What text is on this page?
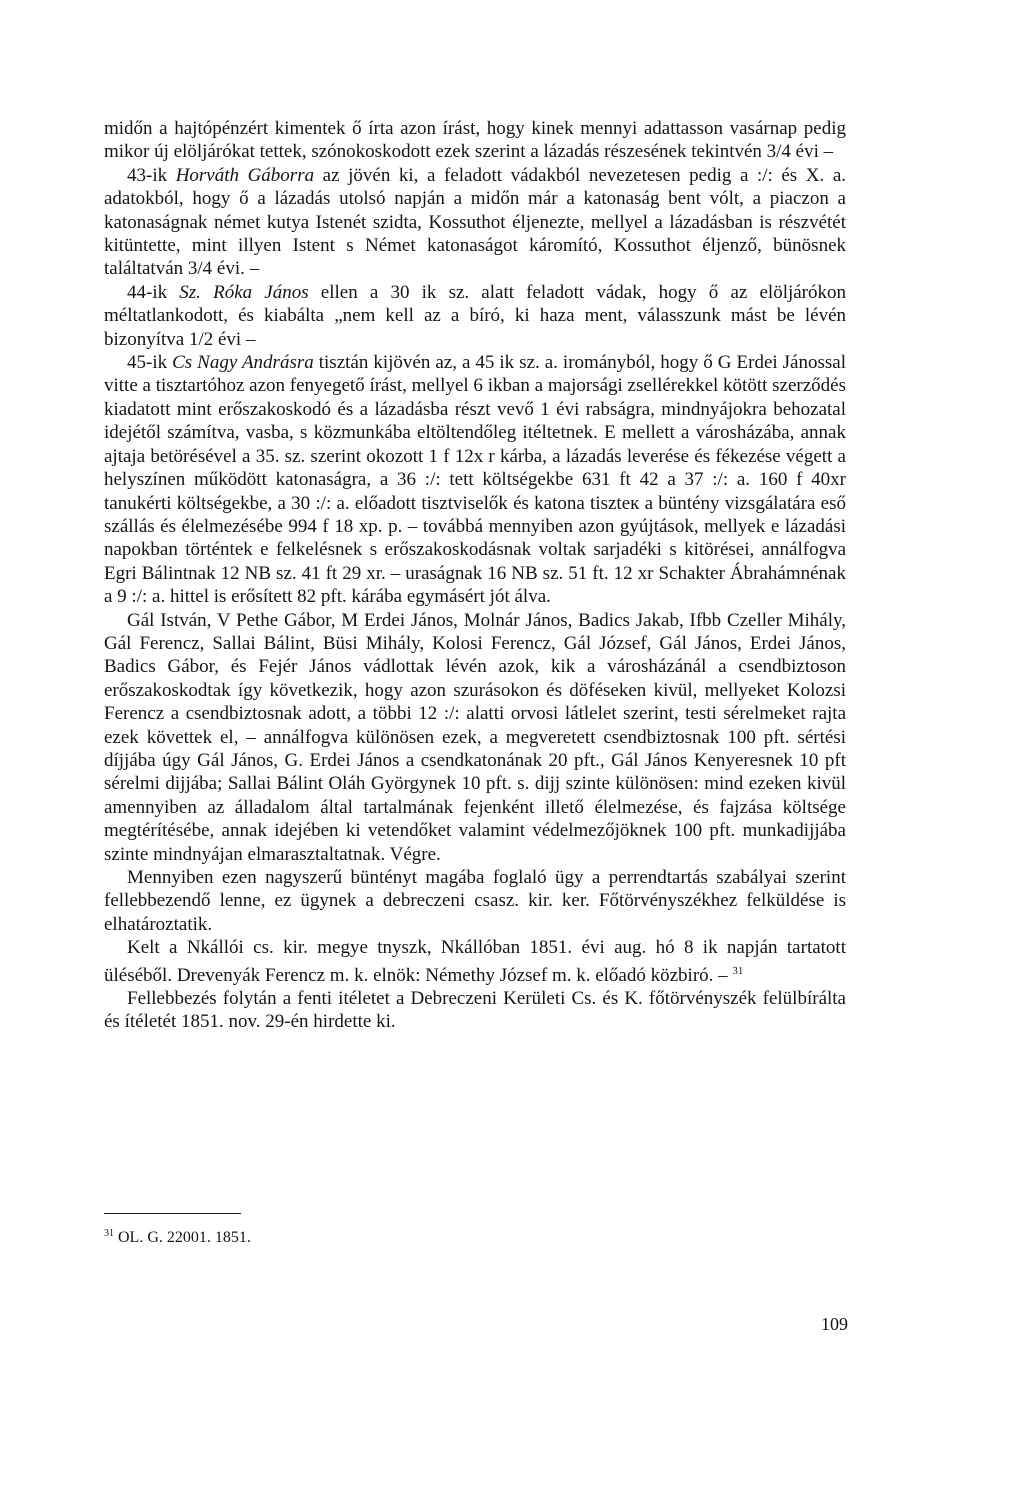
midőn a hajtópénzért kimentek ő írta azon írást, hogy kinek mennyi adattasson vasárnap pedig mikor új elöljárókat tettek, szónokoskodott ezek szerint a lázadás részesének tekintvén 3/4 évi –

43-ik Horváth Gáborra az jövén ki, a feladott vádakból nevezetesen pedig a :/: és X. a. adatokból, hogy ő a lázadás utolsó napján a midőn már a katonaság bent vólt, a piaczon a katonaságnak német kutya Istenét szidta, Kossuthot éljenezte, mellyel a lázadásban is részvétét kitüntette, mint illyen Istent s Német katonaságot káromító, Kossuthot éljenző, bünösnek találtatván 3/4 évi. –

44-ik Sz. Róka János ellen a 30 ik sz. alatt feladott vádak, hogy ő az elöljárókon méltatlankodott, és kiabálta „nem kell az a bíró, ki haza ment, válasszunk mást be lévén bizonyítva 1/2 évi –

45-ik Cs Nagy Andrásra tisztán kijövén az, a 45 ik sz. a. irományból, hogy ő G Erdei Jánossal vitte a tisztartóhoz azon fenyegető írást, mellyel 6 ikban a majorsági zsellérekkel kötött szerződés kiadatott mint erőszakoskodó és a lázadásba részt vevő 1 évi rabságra, mindnyájokra behozatal idejétől számítva, vasba, s közmunkába eltöltendőleg itéltetnek. E mellett a városházába, annak ajtaja betörésével a 35. sz. szerint okozott 1 f 12x r kárba, a lázadás leverése és fékezése végett a helyszínen működött katonaságra, a 36 :/: tett költségekbe 631 ft 42 a 37 :/: a. 160 f 40xr tanukérti költségekbe, a 30 :/: a. előadott tisztviselők és katona tiszteк a büntény vizsgálatára eső szállás és élelmezésébe 994 f 18 xp. p. – továbbá mennyiben azon gyújtások, mellyek e lázadási napokban történtek e felkelésnek s erőszakoskodásnak voltak sarjadéki s kitörései, annálfogva Egri Bálintnak 12 NB sz. 41 ft 29 xr. – uraságnak 16 NB sz. 51 ft. 12 xr Schakter Ábrahámnénak a 9 :/: a. hittel is erősített 82 pft. kárába egymásért jót álva.

Gál István, V Pethe Gábor, M Erdei János, Molnár János, Badics Jakab, Ifbb Czeller Mihály, Gál Ferencz, Sallai Bálint, Büsi Mihály, Kolosi Ferencz, Gál József, Gál János, Erdei János, Badics Gábor, és Fejér János vádlottak lévén azok, kik a városházánál a csendbiztoson erőszakoskodtak így következik, hogy azon szurásokon és döféseken kivül, mellyeket Kolozsi Ferencz a csendbiztosnak adott, a többi 12 :/: alatti orvosi látlelet szerint, testi sérelmeket rajta ezek követtek el, – annálfogva különösen ezek, a megveretett csendbiztosnak 100 pft. sértési díjjába úgy Gál János, G. Erdei János a csendkatonának 20 pft., Gál János Kenyeresnek 10 pft sérelmi dijjába; Sallai Bálint Oláh Györgynek 10 pft. s. dijj szinte különösen: mind ezeken kivül amennyiben az álladalom által tartalmának fejenként illető élelmezése, és fajzása költsége megtérítésébe, annak idejében ki vetendőket valamint védelmezőjöknek 100 pft. munkadijjába szinte mindnyájan elmarasztaltatnak. Végre.

Mennyiben ezen nagyszerű büntényt magába foglaló ügy a perrendtartás szabályai szerint fellebbezendő lenne, ez ügynek a debreczeni csasz. kir. ker. Főtörvényszékhez felküldése is elhatároztatik.

Kelt a Nkállói cs. kir. megye tnyszk, Nkállóban 1851. évi aug. hó 8 ik napján tartatott üléséből. Drevenyák Ferencz m. k. elnök: Némethy József m. k. előadó közbiró. – $^{31}$

Fellebbezés folytán a fenti itéletet a Debreczeni Kerületi Cs. és K. főtörvényszék felülbírálta és ítéletét 1851. nov. 29-én hirdette ki.

$^{31}$ OL. G. 22001. 1851.
109
